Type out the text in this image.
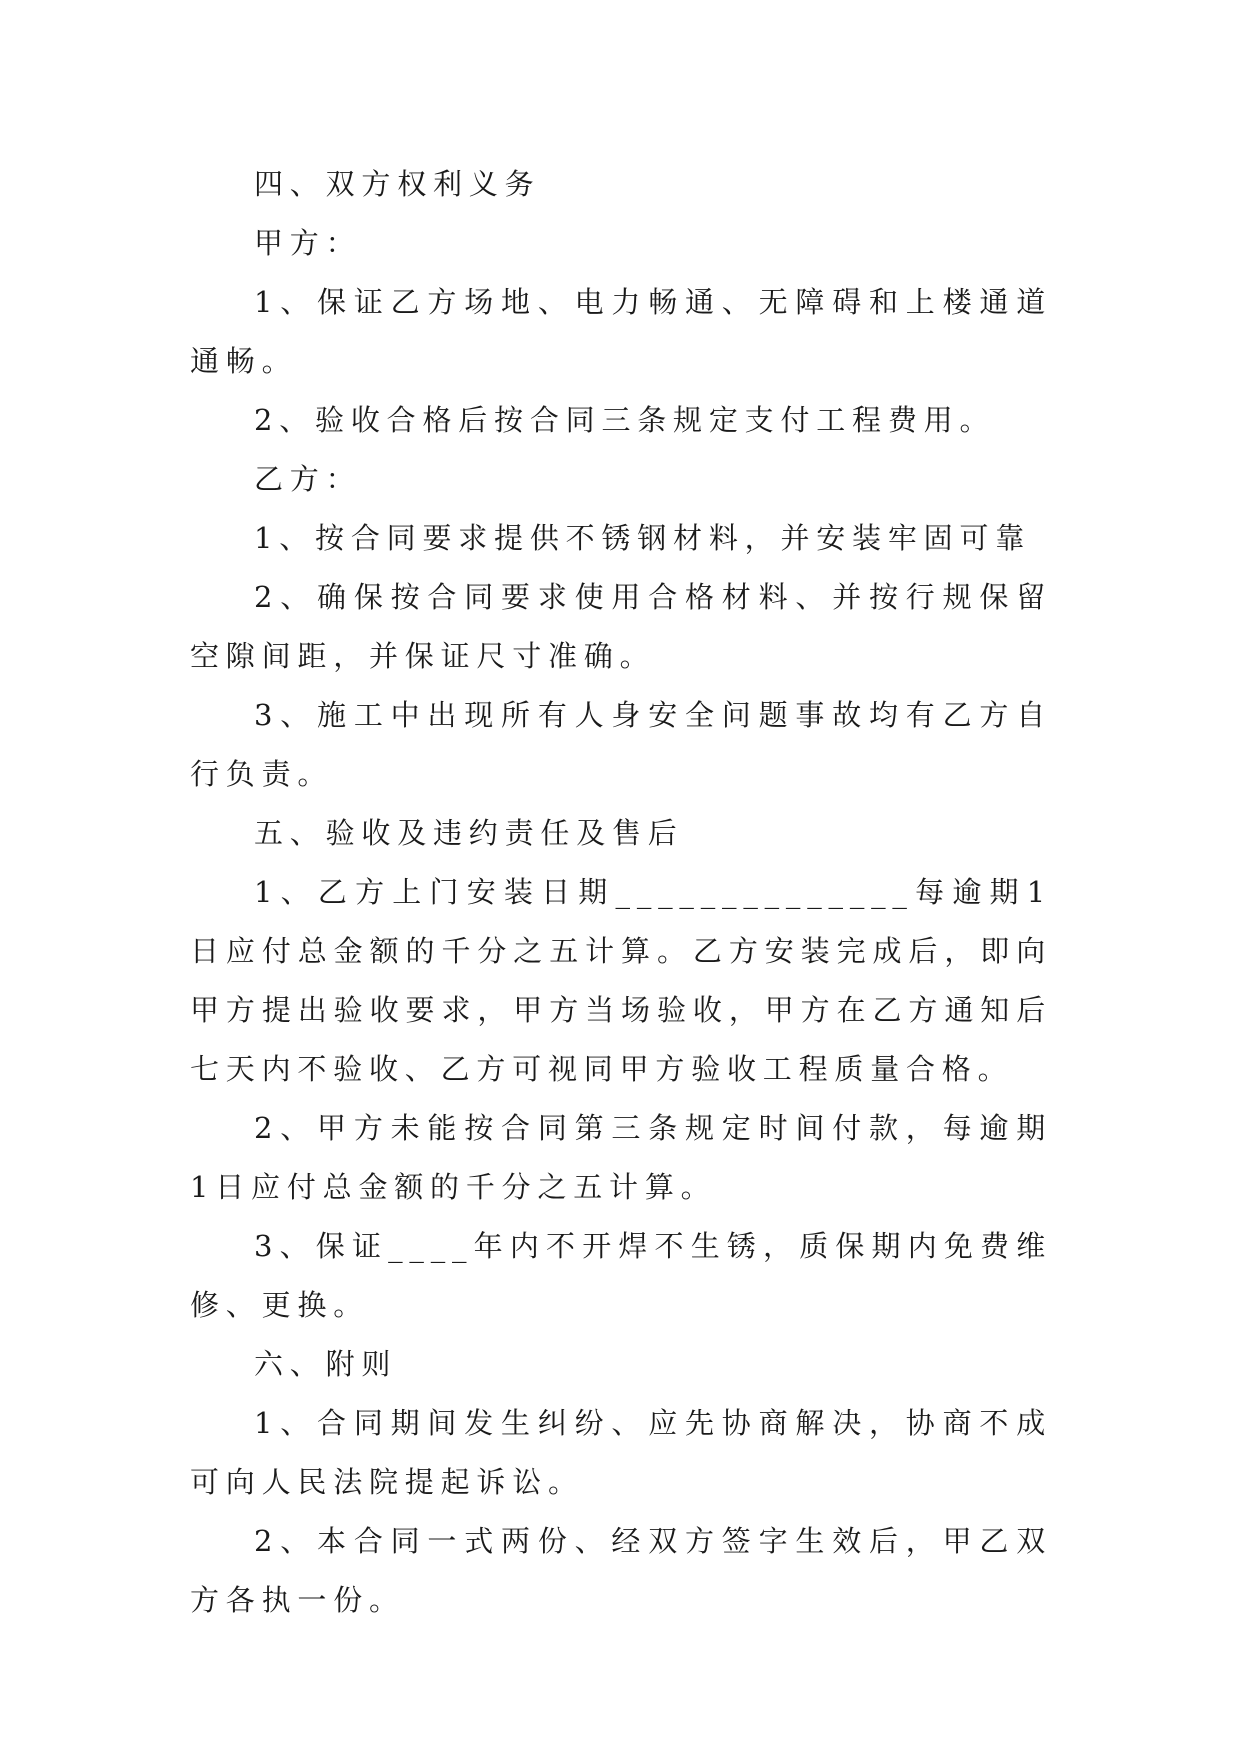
四、双方权利义务

甲方：

1、保证乙方场地、电力畅通、无障碍和上楼通道通畅。

2、验收合格后按合同三条规定支付工程费用。

乙方：

1、按合同要求提供不锈钢材料，并安装牢固可靠

2、确保按合同要求使用合格材料、并按行规保留空隙间距，并保证尺寸准确。

3、施工中出现所有人身安全问题事故均有乙方自行负责。

五、验收及违约责任及售后

1、乙方上门安装日期______________每逾期1日应付总金额的千分之五计算。乙方安装完成后，即向甲方提出验收要求，甲方当场验收，甲方在乙方通知后七天内不验收、乙方可视同甲方验收工程质量合格。

2、甲方未能按合同第三条规定时间付款，每逾期1日应付总金额的千分之五计算。

3、保证____年内不开焊不生锈，质保期内免费维修、更换。

六、附则

1、合同期间发生纠纷、应先协商解决，协商不成可向人民法院提起诉讼。

2、本合同一式两份、经双方签字生效后，甲乙双方各执一份。
